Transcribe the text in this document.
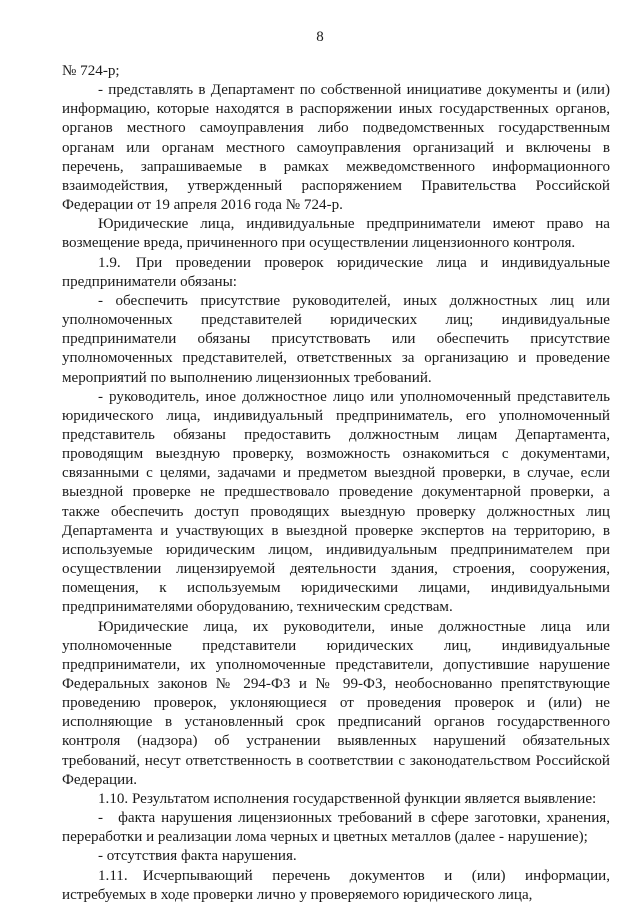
8

№ 724-р;

- представлять в Департамент по собственной инициативе документы и (или) информацию, которые находятся в распоряжении иных государственных органов, органов местного самоуправления либо подведомственных государственным органам или органам местного самоуправления организаций и включены в перечень, запрашиваемые в рамках межведомственного информационного взаимодействия, утвержденный распоряжением Правительства Российской Федерации от 19 апреля 2016 года № 724-р.

Юридические лица, индивидуальные предприниматели имеют право на возмещение вреда, причиненного при осуществлении лицензионного контроля.

1.9. При проведении проверок юридические лица и индивидуальные предприниматели обязаны:

- обеспечить присутствие руководителей, иных должностных лиц или уполномоченных представителей юридических лиц; индивидуальные предприниматели обязаны присутствовать или обеспечить присутствие уполномоченных представителей, ответственных за организацию и проведение мероприятий по выполнению лицензионных требований.

- руководитель, иное должностное лицо или уполномоченный представитель юридического лица, индивидуальный предприниматель, его уполномоченный представитель обязаны предоставить должностным лицам Департамента, проводящим выездную проверку, возможность ознакомиться с документами, связанными с целями, задачами и предметом выездной проверки, в случае, если выездной проверке не предшествовало проведение документарной проверки, а также обеспечить доступ проводящих выездную проверку должностных лиц Департамента и участвующих в выездной проверке экспертов на территорию, в используемые юридическим лицом, индивидуальным предпринимателем при осуществлении лицензируемой деятельности здания, строения, сооружения, помещения, к используемым юридическими лицами, индивидуальными предпринимателями оборудованию, техническим средствам.

Юридические лица, их руководители, иные должностные лица или уполномоченные представители юридических лиц, индивидуальные предприниматели, их уполномоченные представители, допустившие нарушение Федеральных законов № 294-ФЗ и № 99-ФЗ, необоснованно препятствующие проведению проверок, уклоняющиеся от проведения проверок и (или) не исполняющие в установленный срок предписаний органов государственного контроля (надзора) об устранении выявленных нарушений обязательных требований, несут ответственность в соответствии с законодательством Российской Федерации.

1.10. Результатом исполнения государственной функции является выявление:

- факта нарушения лицензионных требований в сфере заготовки, хранения, переработки и реализации лома черных и цветных металлов (далее - нарушение);

- отсутствия факта нарушения.

1.11. Исчерпывающий перечень документов и (или) информации, истребуемых в ходе проверки лично у проверяемого юридического лица,
